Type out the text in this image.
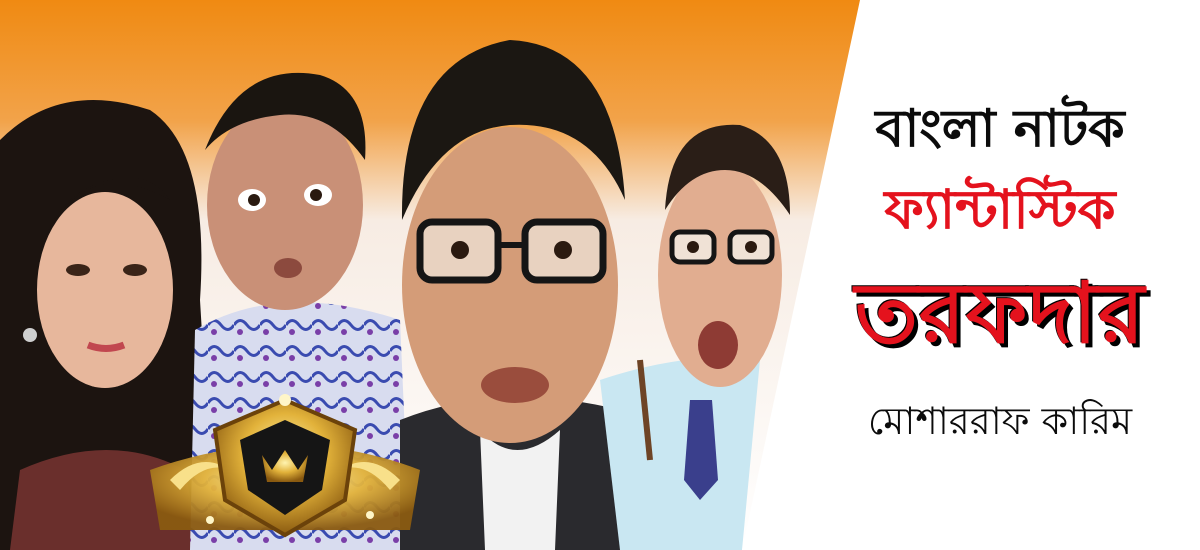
বাংলা নাটক
ফ্যান্টাস্টিক
তরফদার
মোশাররাফ কারিম
